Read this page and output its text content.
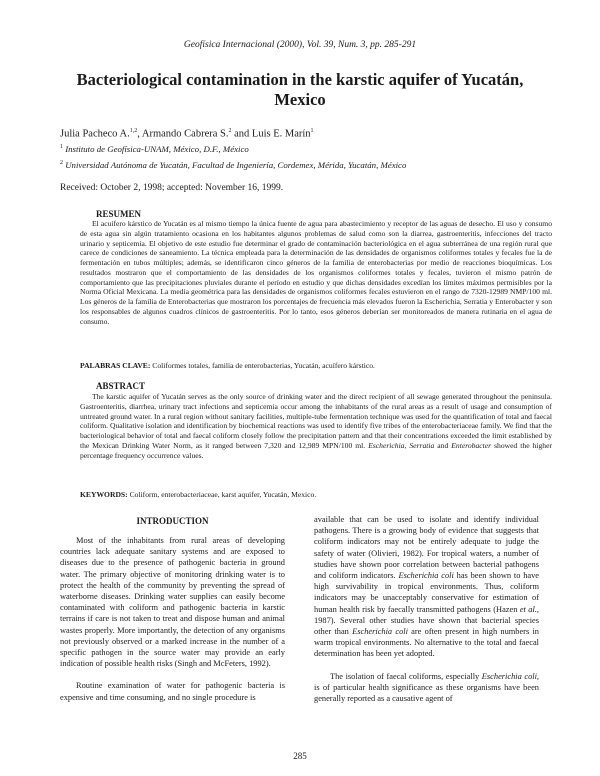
Geofísica Internacional (2000), Vol. 39, Num. 3, pp. 285-291
Bacteriological contamination in the karstic aquifer of Yucatán, Mexico
Julia Pacheco A.$^{1,2}$, Armando Cabrera S.$^2$ and Luis E. Marín$^1$
$^1$ Instituto de Geofísica-UNAM, México, D.F., México
$^2$ Universidad Autónoma de Yucatán, Facultad de Ingeniería, Cordemex, Mérida, Yucatán, México
Received: October 2, 1998; accepted: November 16, 1999.
RESUMEN
El acuífero kárstico de Yucatán es al mismo tiempo la única fuente de agua para abastecimiento y receptor de las aguas de desecho. El uso y consumo de esta agua sin algún tratamiento ocasiona en los habitantes algunos problemas de salud como son la diarrea, gastroenteritis, infecciones del tracto urinario y septicemia. El objetivo de este estudio fue determinar el grado de contaminación bacteriológica en el agua subterránea de una región rural que carece de condiciones de saneamiento. La técnica empleada para la determinación de las densidades de organismos coliformes totales y fecales fue la de fermentación en tubos múltiples; además, se identificaron cinco géneros de la familia de enterobacterias por medio de reacciones bioquímicas. Los resultados mostraron que el comportamiento de las densidades de los organismos coliformes totales y fecales, tuvieron el mismo patrón de comportamiento que las precipitaciones pluviales durante el período en estudio y que dichas densidades excedían los límites máximos permisibles por la Norma Oficial Mexicana. La media geométrica para las densidades de organismos coliformes fecales estuvieron en el rango de 7320-12989 NMP/100 ml. Los géneros de la familia de Enterobacterias que mostraron los porcentajes de frecuencia más elevados fueron la Escherichia, Serratia y Enterobacter y son los responsables de algunos cuadros clínicos de gastroenteritis. Por lo tanto, esos géneros deberían ser monitoreados de manera rutinaria en el agua de consumo.
PALABRAS CLAVE: Coliformes totales, familia de enterobacterias, Yucatán, acuífero kárstico.
ABSTRACT
The karstic aquifer of Yucatán serves as the only source of drinking water and the direct recipient of all sewage generated throughout the peninsula. Gastroenteritis, diarrhea, urinary tract infections and septicemia occur among the inhabitants of the rural areas as a result of usage and consumption of untreated ground water. In a rural region without sanitary facilities, multiple-tube fermentation technique was used for the quantification of total and faecal coliform. Qualitative isolation and identification by biochemical reactions was used to identify five tribes of the enterobacteriaceae family. We find that the bacteriological behavior of total and faecal coliform closely follow the precipitation pattern and that their concentrations exceeded the limit established by the Mexican Drinking Water Norm, as it ranged between 7,320 and 12,989 MPN/100 ml. Escherichia, Serratia and Enterobacter showed the higher percentage frequency occurrence values.
KEYWORDS: Coliform, enterobacteriaceae, karst aquifer, Yucatán, Mexico.
INTRODUCTION

Most of the inhabitants from rural areas of developing countries lack adequate sanitary systems and are exposed to diseases due to the presence of pathogenic bacteria in ground water. The primary objective of monitoring drinking water is to protect the health of the community by preventing the spread of waterborne diseases. Drinking water supplies can easily become contaminated with coliform and pathogenic bacteria in karstic terrains if care is not taken to treat and dispose human and animal wastes properly. More importantly, the detection of any organisms not previously observed or a marked increase in the number of a specific pathogen in the source water may provide an early indication of possible health risks (Singh and McFeters, 1992).

Routine examination of water for pathogenic bacteria is expensive and time consuming, and no single procedure is

available that can be used to isolate and identify individual pathogens. There is a growing body of evidence that suggests that coliform indicators may not be entirely adequate to judge the safety of water (Olivieri, 1982). For tropical waters, a number of studies have shown poor correlation between bacterial pathogens and coliform indicators. Escherichia coli has been shown to have high survivability in tropical environments. Thus, coliform indicators may be unacceptably conservative for estimation of human health risk by faecally transmitted pathogens (Hazen et al., 1987). Several other studies have shown that bacterial species other than Escherichia coli are often present in high numbers in warm tropical environments. No alternative to the total and faecal determination has been yet adopted.

The isolation of faecal coliforms, especially Escherichia coli, is of particular health significance as these organisms have been generally reported as a causative agent of

285
